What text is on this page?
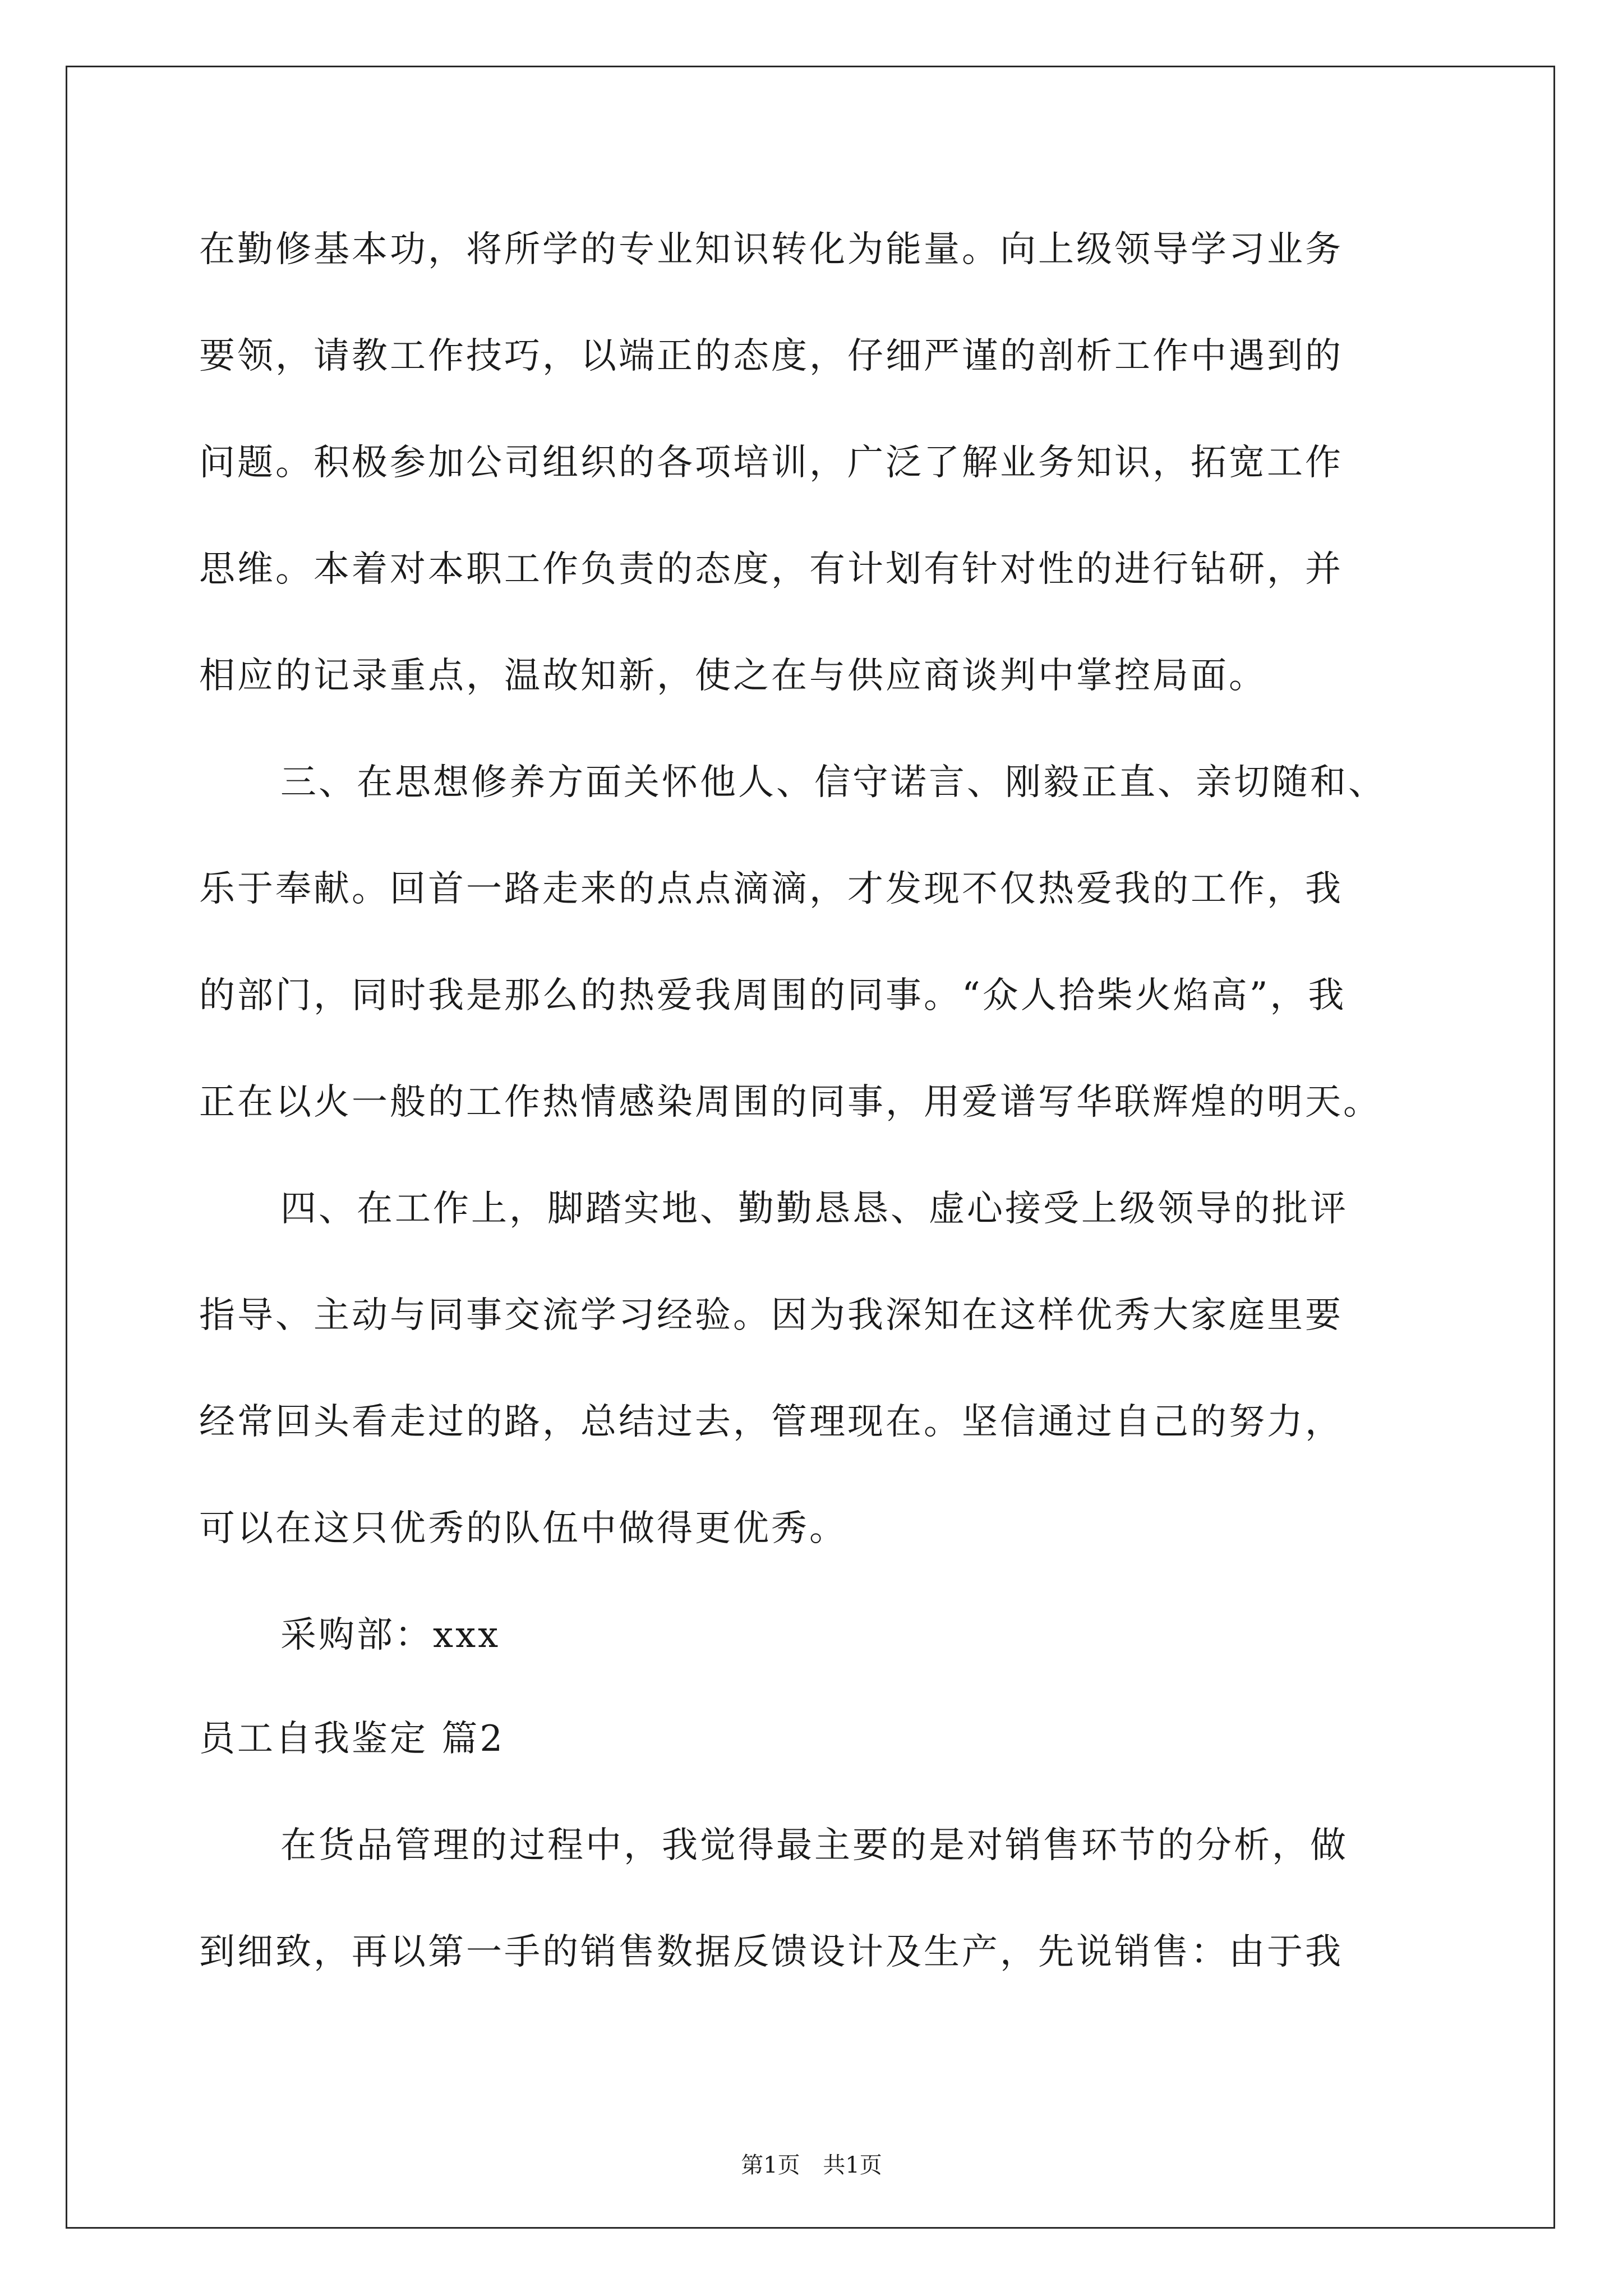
在勤修基本功，将所学的专业知识转化为能量。向上级领导学习业务
要领，请教工作技巧，以端正的态度，仔细严谨的剖析工作中遇到的
问题。积极参加公司组织的各项培训，广泛了解业务知识，拓宽工作
思维。本着对本职工作负责的态度，有计划有针对性的进行钻研，并
相应的记录重点，温故知新，使之在与供应商谈判中掌控局面。
三、在思想修养方面关怀他人、信守诺言、刚毅正直、亲切随和、
乐于奉献。回首一路走来的点点滴滴，才发现不仅热爱我的工作，我
的部门，同时我是那么的热爱我周围的同事。“众人拾柴火焰高”，我
正在以火一般的工作热情感染周围的同事，用爱谱写华联辉煌的明天。
四、在工作上，脚踏实地、勤勤恳恳、虚心接受上级领导的批评
指导、主动与同事交流学习经验。因为我深知在这样优秀大家庭里要
经常回头看走过的路，总结过去，管理现在。坚信通过自己的努力，
可以在这只优秀的队伍中做得更优秀。
采购部：xxx
员工自我鉴定 篇2
在货品管理的过程中，我觉得最主要的是对销售环节的分析，做
到细致，再以第一手的销售数据反馈设计及生产，先说销售：由于我
第1页 共1页
